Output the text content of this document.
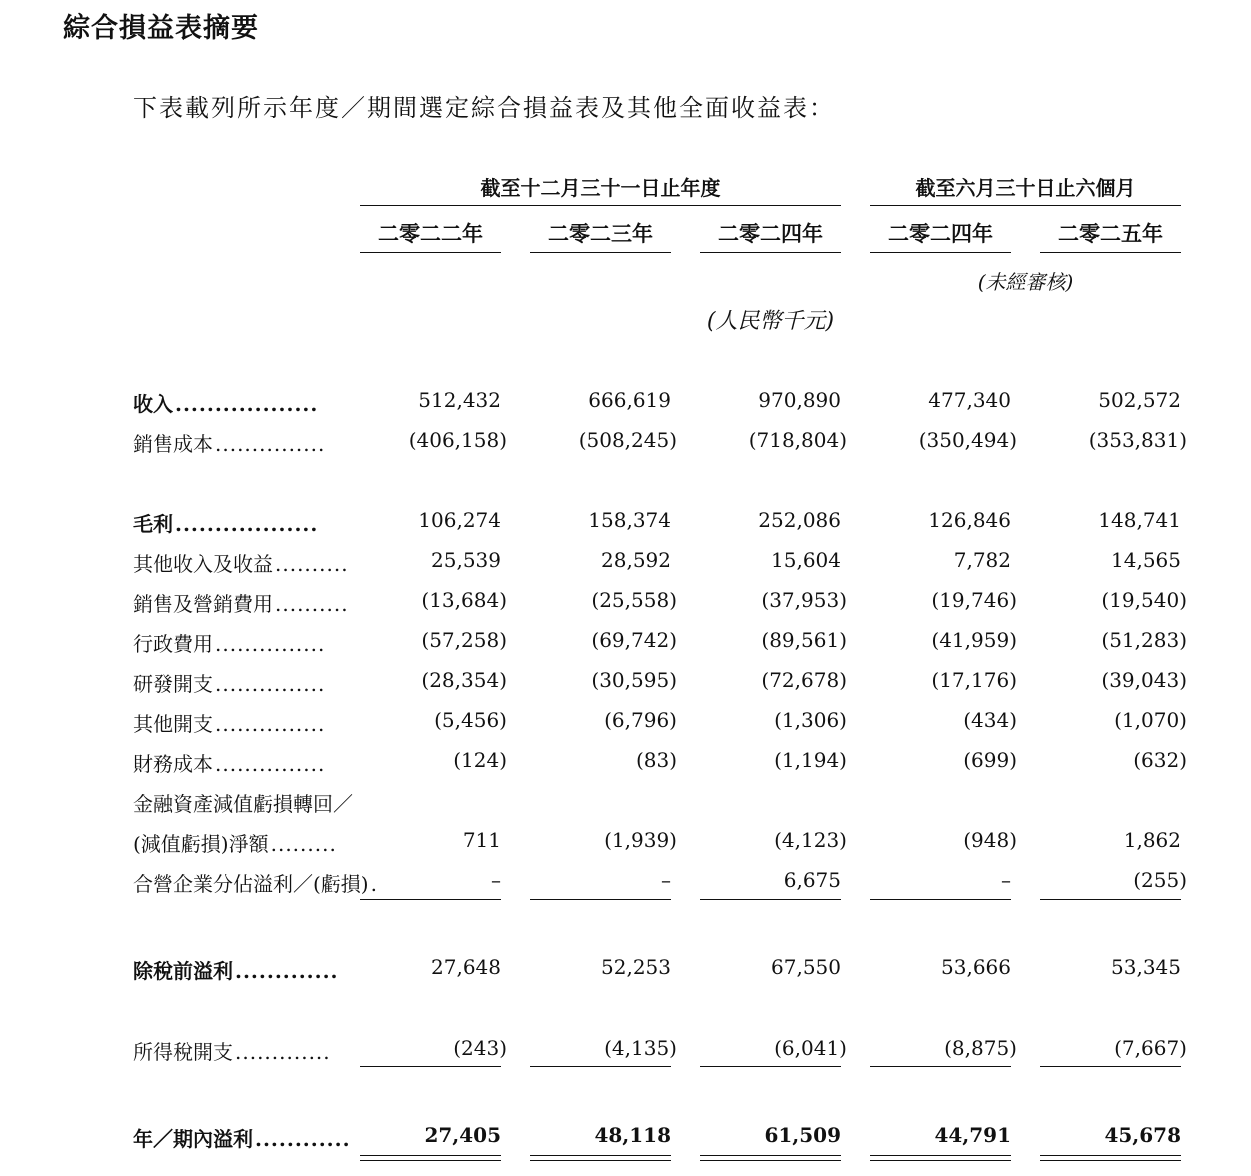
綜合損益表摘要
下表載列所示年度／期間選定綜合損益表及其他全面收益表：
截至十二月三十一日止年度	截至六月三十日止六個月
二零二二年	二零二三年	二零二四年	二零二四年	二零二五年
(未經審核)
(人民幣千元)
收入 ..................	512,432	666,619	970,890	477,340	502,572
銷售成本 ...............	(406,158)	(508,245)	(718,804)	(350,494)	(353,831)
毛利 ..................	106,274	158,374	252,086	126,846	148,741
其他收入及收益 ..........	25,539	28,592	15,604	7,782	14,565
銷售及營銷費用 ..........	(13,684)	(25,558)	(37,953)	(19,746)	(19,540)
行政費用 ...............	(57,258)	(69,742)	(89,561)	(41,959)	(51,283)
研發開支 ...............	(28,354)	(30,595)	(72,678)	(17,176)	(39,043)
其他開支 ...............	(5,456)	(6,796)	(1,306)	(434)	(1,070)
財務成本 ...............	(124)	(83)	(1,194)	(699)	(632)
金融資產減值虧損轉回／
(減值虧損)淨額 .........	711	(1,939)	(4,123)	(948)	1,862
合營企業分佔溢利／(虧損) .	–	–	6,675	–	(255)
除稅前溢利 .............	27,648	52,253	67,550	53,666	53,345
所得稅開支 .............	(243)	(4,135)	(6,041)	(8,875)	(7,667)
年／期內溢利 ............	27,405	48,118	61,509	44,791	45,678
